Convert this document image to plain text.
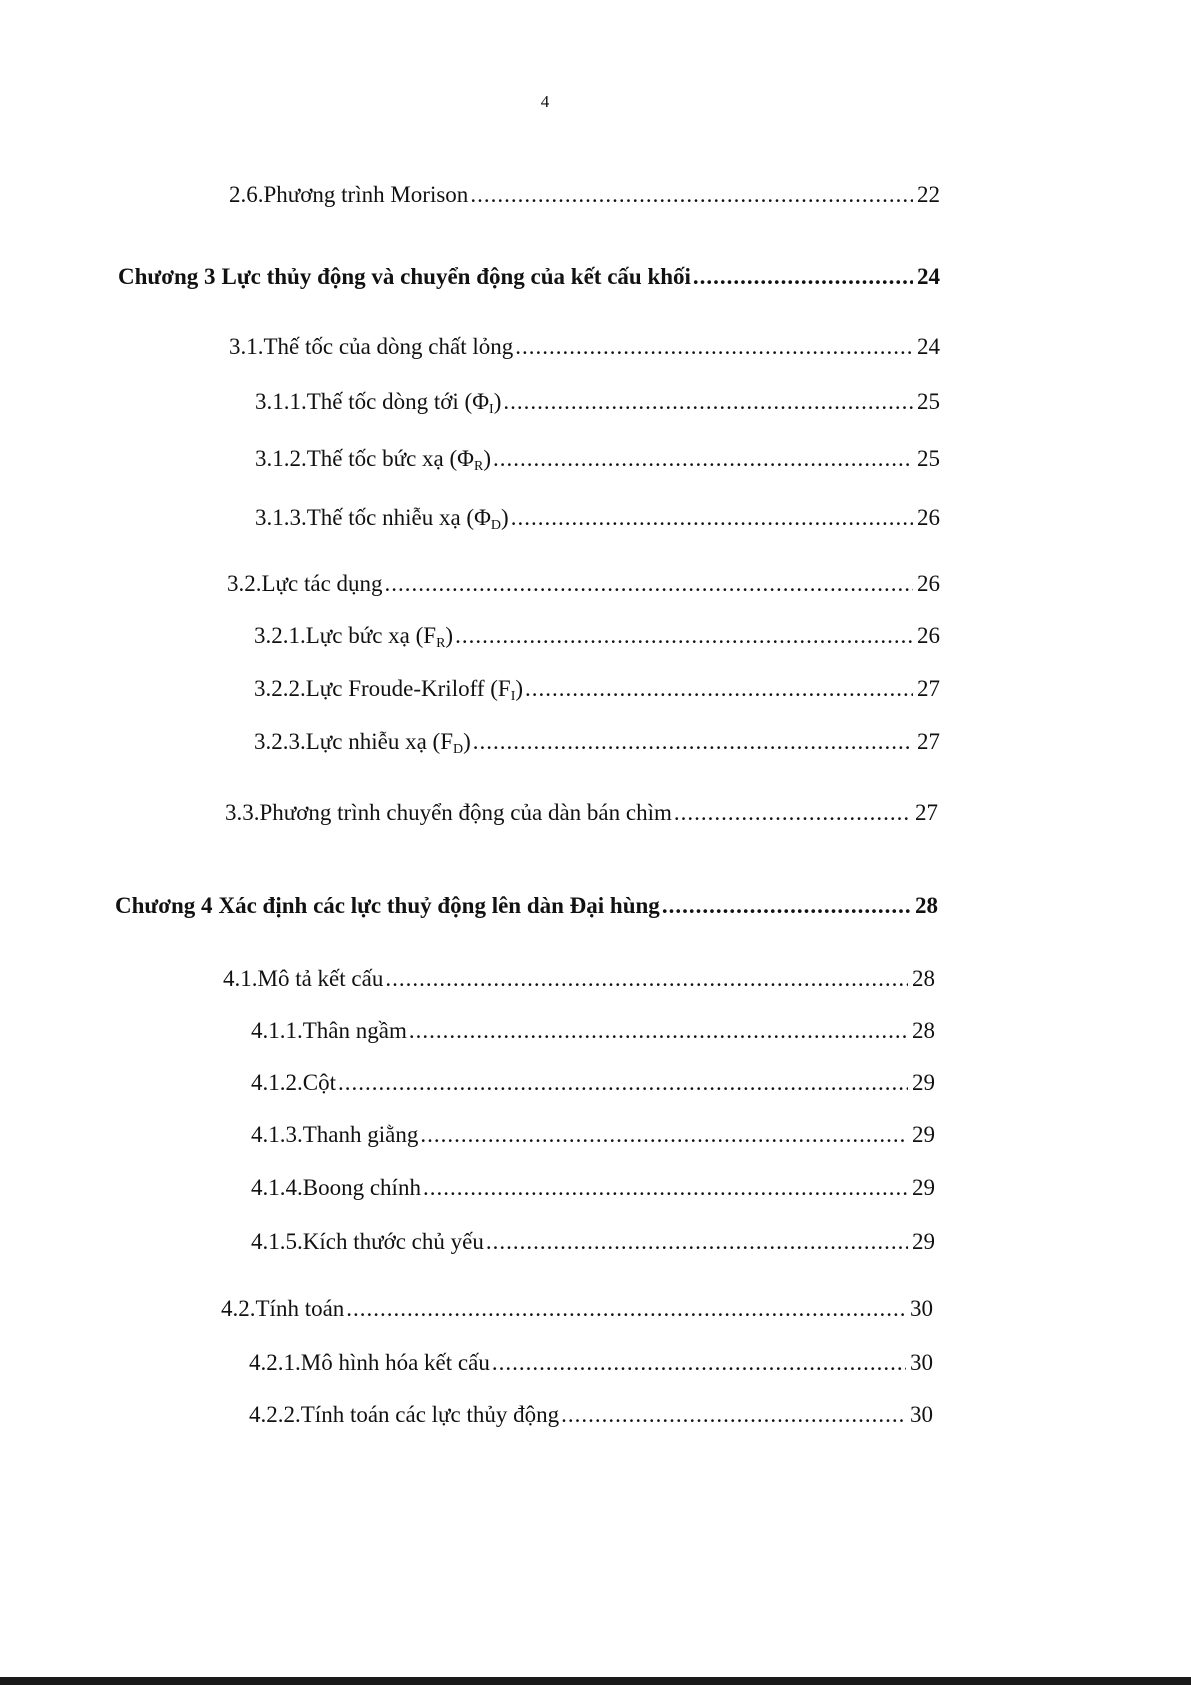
4
2.6. Phương trình Morison .....	22
Chương 3 Lực thủy động và chuyển động của kết cấu khối .....	24
3.1. Thế tốc của dòng chất lỏng .....	24
3.1.1. Thế tốc dòng tới $(\Phi_I)$ .....	25
3.1.2. Thế tốc bức xạ $(\Phi_R)$ .....	25
3.1.3. Thế tốc nhiễu xạ $(\Phi_D)$ .....	26
3.2. Lực tác dụng .....	26
3.2.1. Lực bức xạ $(F_R)$ .....	26
3.2.2. Lực Froude-Kriloff $(F_I)$ .....	27
3.2.3. Lực nhiễu xạ $(F_D)$ .....	27
3.3. Phương trình chuyển động của dàn bán chìm .....	27
Chương 4 Xác định các lực thuỷ động lên dàn Đại hùng .....	28
4.1. Mô tả kết cấu .....	28
4.1.1. Thân ngầm .....	28
4.1.2. Cột .....	29
4.1.3. Thanh giằng .....	29
4.1.4. Boong chính .....	29
4.1.5. Kích thước chủ yếu .....	29
4.2. Tính toán .....	30
4.2.1. Mô hình hóa kết cấu .....	30
4.2.2. Tính toán các lực thủy động .....	30
